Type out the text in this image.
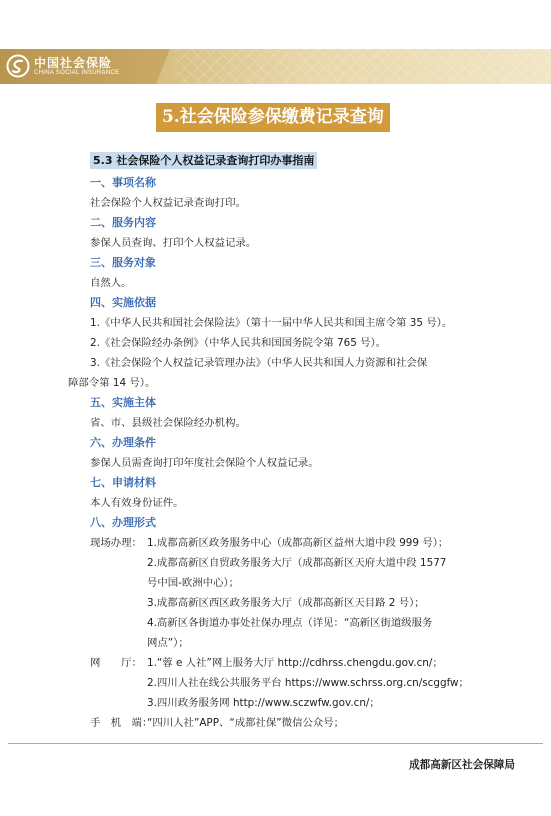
中国社会保险
CHINA SOCIAL INSURANCE
5.社会保险参保缴费记录查询
5.3 社会保险个人权益记录查询打印办事指南
一、事项名称
社会保险个人权益记录查询打印。
二、服务内容
参保人员查询、打印个人权益记录。
三、服务对象
自然人。
四、实施依据
1.《中华人民共和国社会保险法》（第十一届中华人民共和国主席令第 35 号）。
2.《社会保险经办条例》（中华人民共和国国务院令第 765 号）。
3.《社会保险个人权益记录管理办法》（中华人民共和国人力资源和社会保
障部令第 14 号）。
五、实施主体
省、市、县级社会保险经办机构。
六、办理条件
参保人员需查询打印年度社会保险个人权益记录。
七、申请材料
本人有效身份证件。
八、办理形式
现场办理： 1.成都高新区政务服务中心（成都高新区益州大道中段 999 号）；
2.成都高新区自贸政务服务大厅（成都高新区天府大道中段 1577
号中国-欧洲中心）；
3.成都高新区西区政务服务大厅（成都高新区天目路 2 号）；
4.高新区各街道办事处社保办理点（详见：“高新区街道级服务
网点”）；
网　　厅： 1.“蓉 e 人社”网上服务大厅 http://cdhrss.chengdu.gov.cn/；
2.四川人社在线公共服务平台 https://www.schrss.org.cn/scggfw；
3.四川政务服务网 http://www.sczwfw.gov.cn/；
手　机　端：
“四川人社”APP、“成都社保”微信公众号；
成都高新区社会保障局
